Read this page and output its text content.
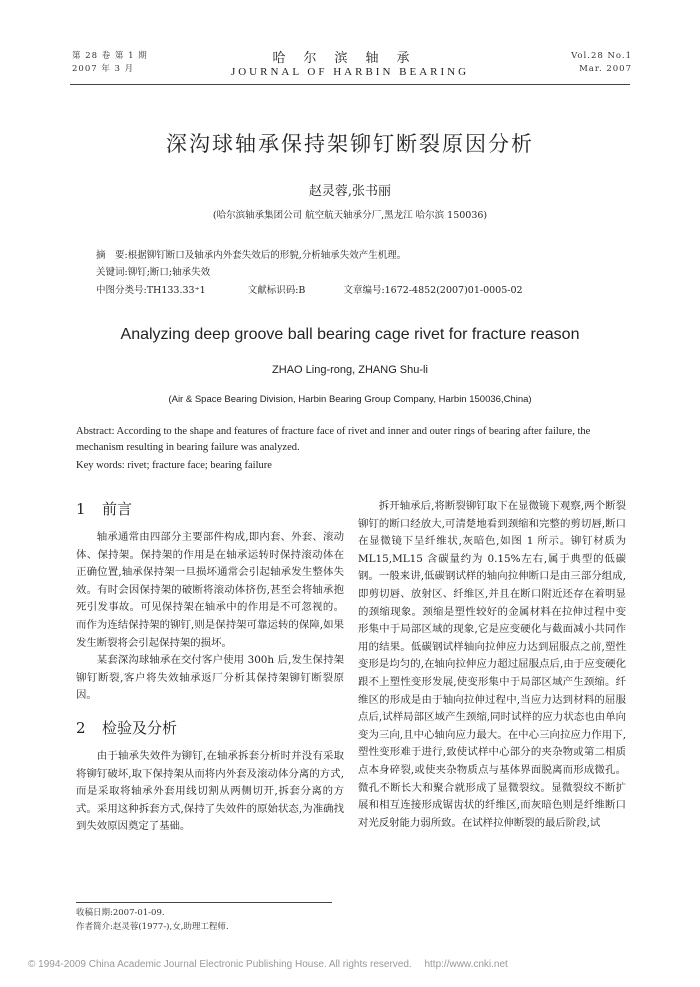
第 28 卷 第 1 期
2007 年 3 月
哈尔滨轴承
JOURNAL OF HARBIN BEARING
Vol.28 No.1
Mar. 2007
深沟球轴承保持架铆钉断裂原因分析
赵灵蓉,张书丽
(哈尔滨轴承集团公司 航空航天轴承分厂,黑龙江 哈尔滨 150036)
摘　要:根据铆钉断口及轴承内外套失效后的形貌,分析轴承失效产生机理。
关键词:铆钉;断口;轴承失效
中图分类号:TH133.33⁺1	文献标识码:B	文章编号:1672-4852(2007)01-0005-02
Analyzing deep groove ball bearing cage rivet for fracture reason
ZHAO Ling-rong, ZHANG Shu-li
(Air & Space Bearing Division, Harbin Bearing Group Company, Harbin 150036,China)
Abstract: According to the shape and features of fracture face of rivet and inner and outer rings of bearing after failure, the mechanism resulting in bearing failure was analyzed.
Key words: rivet; fracture face; bearing failure
1 前言

轴承通常由四部分主要部件构成,即内套、外套、滚动体、保持架。保持架的作用是在轴承运转时保持滚动体在正确位置,轴承保持架一旦损坏通常会引起轴承发生整体失效。有时会因保持架的破断将滚动体挤伤,甚至会将轴承抱死引发事故。可见保持架在轴承中的作用是不可忽视的。而作为连结保持架的铆钉,则是保持架可靠运转的保障,如果发生断裂将会引起保持架的损坏。

某套深沟球轴承在交付客户使用 300h 后,发生保持架铆钉断裂,客户将失效轴承返厂分析其保持架铆钉断裂原因。

2 检验及分析

由于轴承失效件为铆钉,在轴承拆套分析时并没有采取将铆钉破坏,取下保持架从而将内外套及滚动体分离的方式,而是采取将轴承外套用线切割从两侧切开,拆套分离的方式。采用这种拆套方式,保持了失效件的原始状态,为准确找到失效原因奠定了基础。

收稿日期:2007-01-09.
作者简介:赵灵蓉(1977-),女,助理工程师.

拆开轴承后,将断裂铆钉取下在显微镜下观察,两个断裂铆钉的断口经放大,可清楚地看到颈缩和完整的剪切唇,断口在显微镜下呈纤维状,灰暗色,如图 1 所示。铆钉材质为 ML15,ML15 含碳量约为 0.15%左右,属于典型的低碳钢。一般来讲,低碳钢试样的轴向拉伸断口是由三部分组成,即剪切唇、放射区、纤维区,并且在断口附近还存在着明显的颈缩现象。颈缩是塑性较好的金属材料在拉伸过程中变形集中于局部区域的现象,它是应变硬化与截面减小共同作用的结果。低碳钢试样轴向拉伸应力达到屈服点之前,塑性变形是均匀的,在轴向拉伸应力超过屈服点后,由于应变硬化跟不上塑性变形发展,使变形集中于局部区域产生颈缩。纤维区的形成是由于轴向拉伸过程中,当应力达到材料的屈服点后,试样局部区域产生颈缩,同时试样的应力状态也由单向变为三向,且中心轴向应力最大。在中心三向拉应力作用下,塑性变形难于进行,致使试样中心部分的夹杂物或第二相质点本身碎裂,或使夹杂物质点与基体界面脱离而形成微孔。微孔不断长大和聚合就形成了显微裂纹。显微裂纹不断扩展和相互连接形成锯齿状的纤维区,而灰暗色则是纤维断口对光反射能力弱所致。在试样拉伸断裂的最后阶段,试

© 1994-2009 China Academic Journal Electronic Publishing House. All rights reserved.　 http://www.cnki.net
